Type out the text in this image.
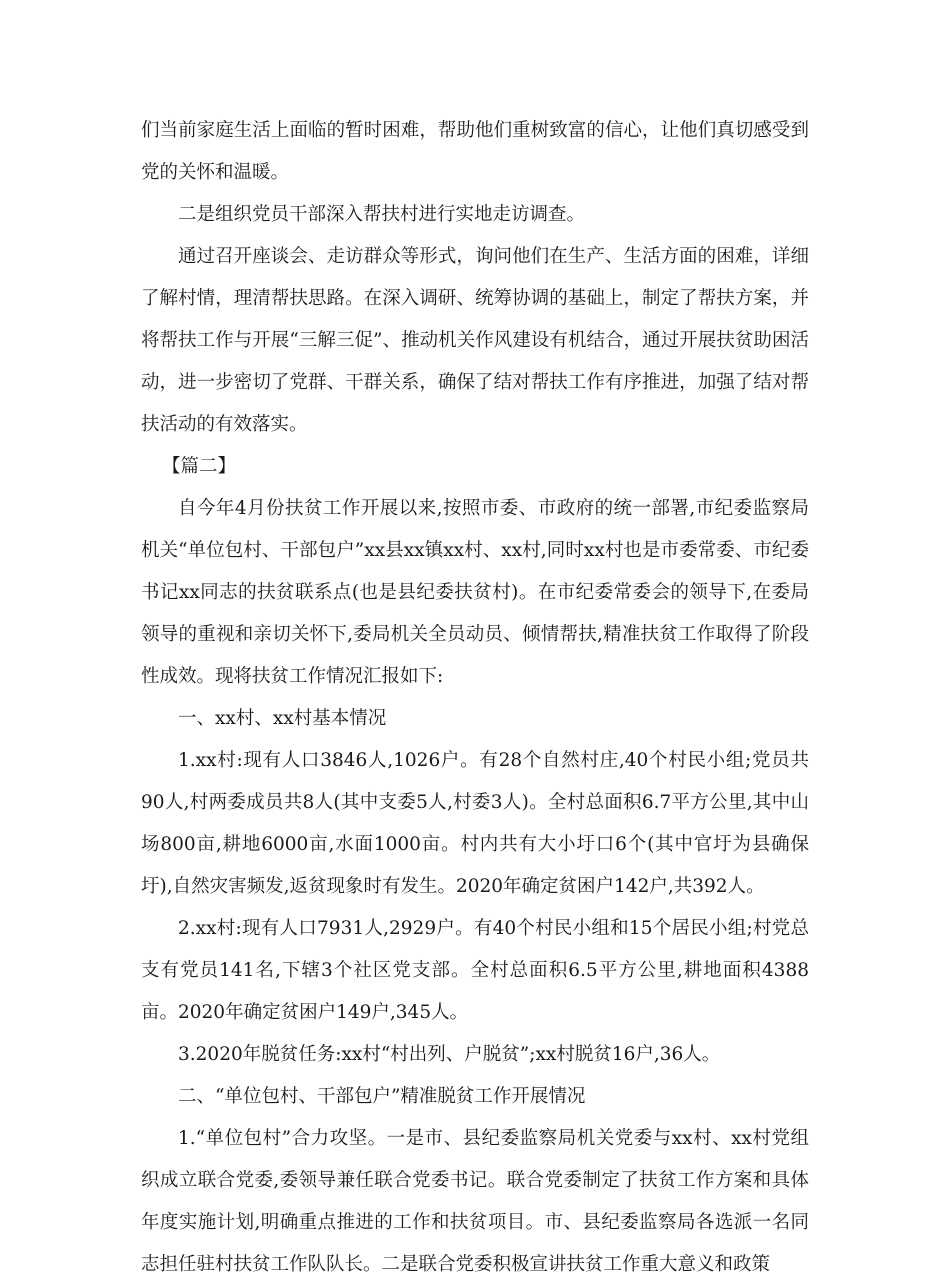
们当前家庭生活上面临的暂时困难，帮助他们重树致富的信心，让他们真切感受到党的关怀和温暖。

二是组织党员干部深入帮扶村进行实地走访调查。

通过召开座谈会、走访群众等形式，询问他们在生产、生活方面的困难，详细了解村情，理清帮扶思路。在深入调研、统筹协调的基础上，制定了帮扶方案，并将帮扶工作与开展“三解三促”、推动机关作风建设有机结合，通过开展扶贫助困活动，进一步密切了党群、干群关系，确保了结对帮扶工作有序推进，加强了结对帮扶活动的有效落实。

【篇二】

自今年4月份扶贫工作开展以来,按照市委、市政府的统一部署,市纪委监察局机关“单位包村、干部包户”xx县xx镇xx村、xx村,同时xx村也是市委常委、市纪委书记xx同志的扶贫联系点(也是县纪委扶贫村)。在市纪委常委会的领导下,在委局领导的重视和亲切关怀下,委局机关全员动员、倾情帮扶,精准扶贫工作取得了阶段性成效。现将扶贫工作情况汇报如下:

一、xx村、xx村基本情况

1.xx村:现有人口3846人,1026户。有28个自然村庄,40个村民小组;党员共90人,村两委成员共8人(其中支委5人,村委3人)。全村总面积6.7平方公里,其中山场800亩,耕地6000亩,水面1000亩。村内共有大小圩口6个(其中官圩为县确保圩),自然灾害频发,返贫现象时有发生。2020年确定贫困户142户,共392人。

2.xx村:现有人口7931人,2929户。有40个村民小组和15个居民小组;村党总支有党员141名,下辖3个社区党支部。全村总面积6.5平方公里,耕地面积4388亩。2020年确定贫困户149户,345人。

3.2020年脱贫任务:xx村“村出列、户脱贫”;xx村脱贫16户,36人。

二、“单位包村、干部包户”精准脱贫工作开展情况

1.“单位包村”合力攻坚。一是市、县纪委监察局机关党委与xx村、xx村党组织成立联合党委,委领导兼任联合党委书记。联合党委制定了扶贫工作方案和具体年度实施计划,明确重点推进的工作和扶贫项目。市、县纪委监察局各选派一名同志担任驻村扶贫工作队队长。二是联合党委积极宣讲扶贫工作重大意义和政策
